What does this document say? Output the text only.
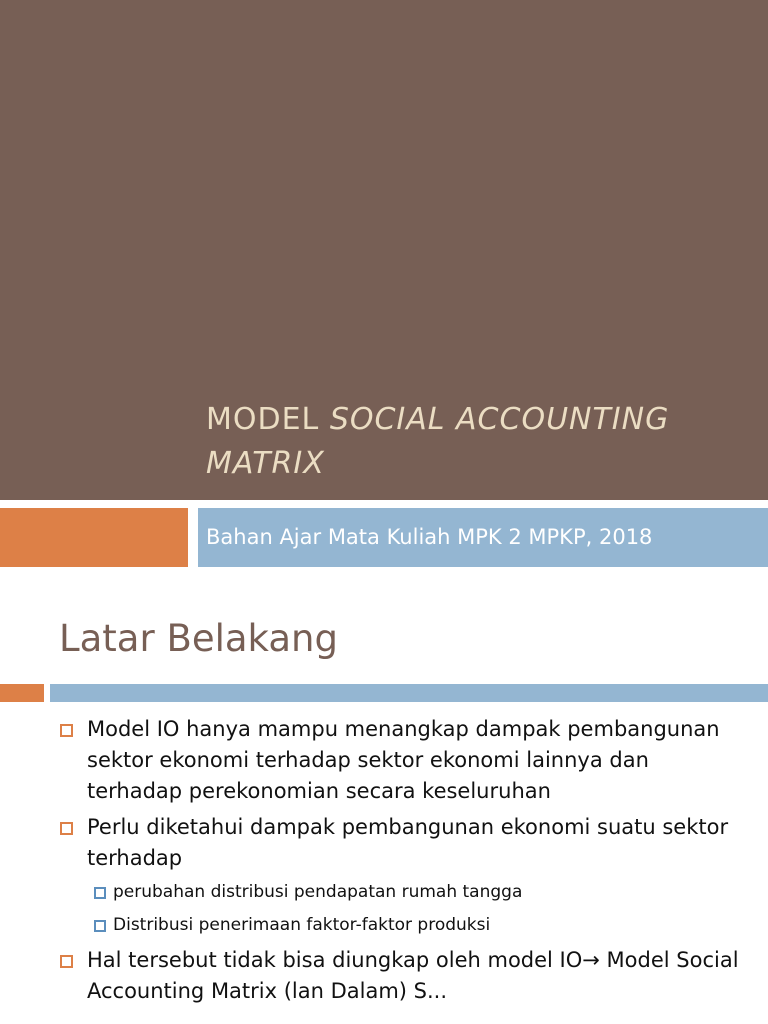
MODEL SOCIAL ACCOUNTING MATRIX

Bahan Ajar Mata Kuliah MPK 2 MPKP, 2018

Latar Belakang
Model IO hanya mampu menangkap dampak pembangunan sektor ekonomi terhadap sektor ekonomi lainnya dan terhadap perekonomian secara keseluruhan
Perlu diketahui dampak pembangunan ekonomi suatu sektor terhadap
perubahan distribusi pendapatan rumah tangga
Distribusi penerimaan faktor-faktor produksi
Hal tersebut tidak bisa diungkap oleh model IO→ Model Social Accounting Matrix (lan Dalam) S...
